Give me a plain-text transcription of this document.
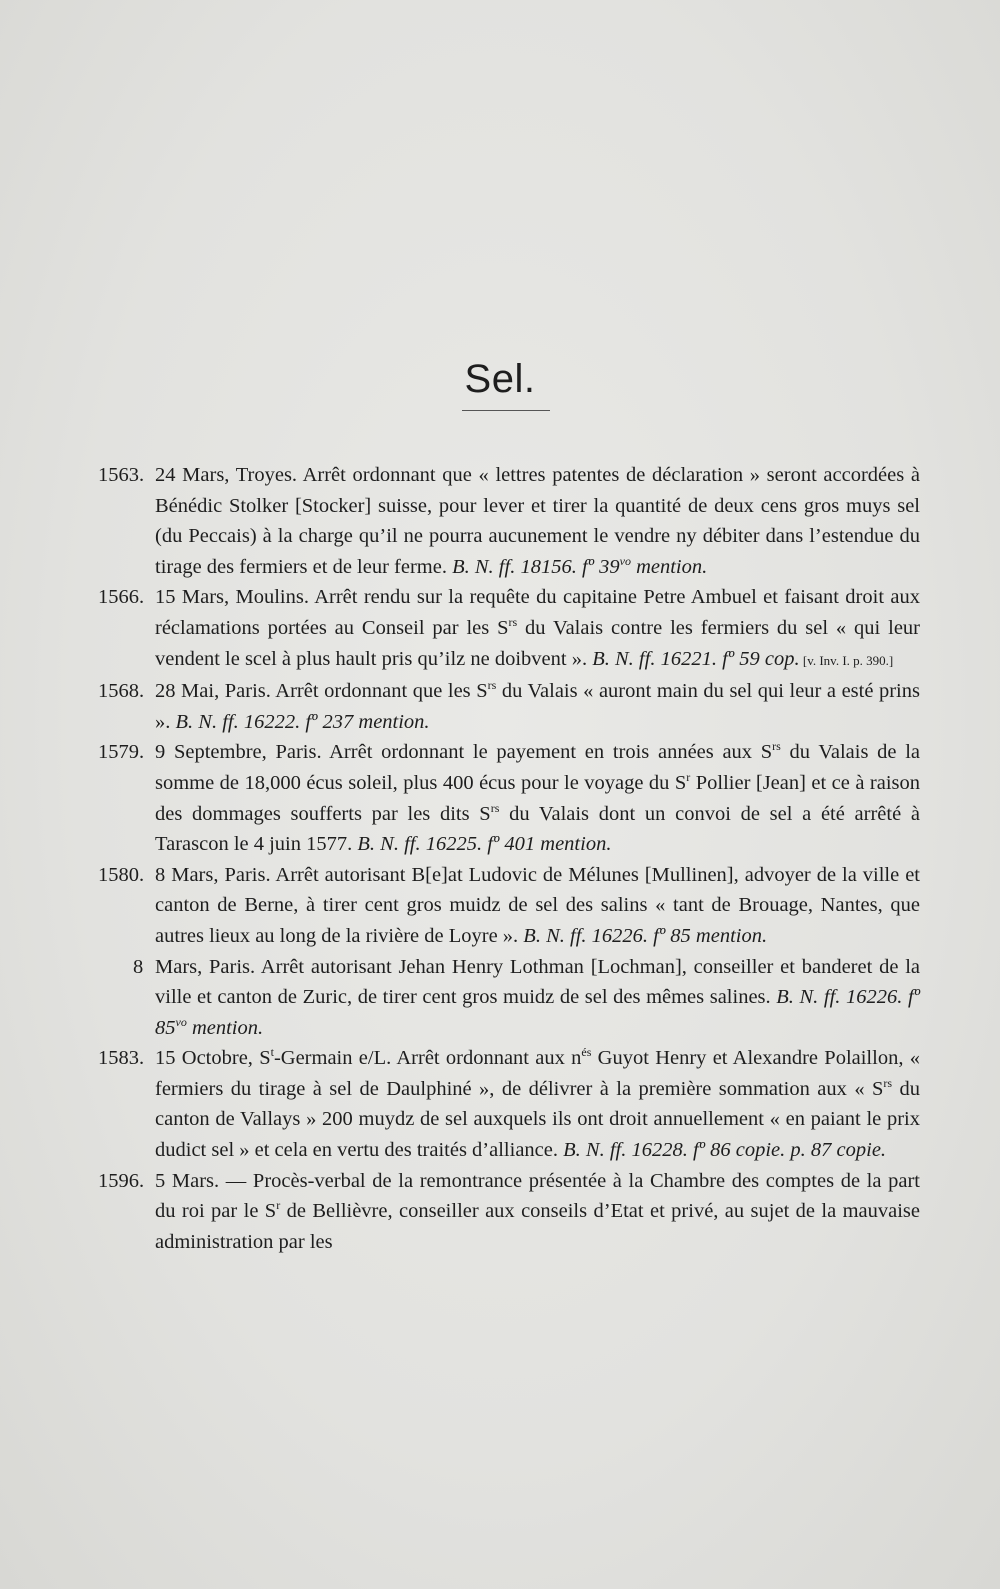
Sel.
1563. 24 Mars, Troyes. Arrêt ordonnant que « lettres patentes de déclaration » seront accordées à Bénédic Stolker [Stocker] suisse, pour lever et tirer la quantité de deux cens gros muys sel (du Peccais) à la charge qu’il ne pourra aucunement le vendre ny débiter dans l’estendue du tirage des fermiers et de leur ferme. B. N. ff. 18156. fº 39$^{vo}$ mention.
1566. 15 Mars, Moulins. Arrêt rendu sur la requête du capitaine Petre Ambuel et faisant droit aux réclamations portées au Conseil par les $S^{rs}$ du Valais contre les fermiers du sel « qui leur vendent le scel à plus hault pris qu’ilz ne doibvent ». B. N. ff. 16221. fº 59 cop. [v. Inv. I. p. 390.]
1568. 28 Mai, Paris. Arrêt ordonnant que les $S^{rs}$ du Valais « auront main du sel qui leur a esté prins ». B. N. ff. 16222. fº 237 mention.
1579. 9 Septembre, Paris. Arrêt ordonnant le payement en trois années aux $S^{rs}$ du Valais de la somme de 18,000 écus soleil, plus 400 écus pour le voyage du $S^r$ Pollier [Jean] et ce à raison des dommages soufferts par les dits $S^{rs}$ du Valais dont un convoi de sel a été arrêté à Tarascon le 4 juin 1577. B. N. ff. 16225. fº 401 mention.
1580. 8 Mars, Paris. Arrêt autorisant B[e]at Ludovic de Mélunes [Mullinen], advoyer de la ville et canton de Berne, à tirer cent gros muidz de sel des salins « tant de Brouage, Nantes, que autres lieux au long de la rivière de Loyre ». B. N. ff. 16226. fº 85 mention.
8 Mars, Paris. Arrêt autorisant Jehan Henry Lothman [Lochman], conseiller et banderet de la ville et canton de Zuric, de tirer cent gros muidz de sel des mêmes salines. B. N. ff. 16226. fº 85$^{vo}$ mention.
1583. 15 Octobre, $S^t$-Germain e/L. Arrêt ordonnant aux $n^{és}$ Guyot Henry et Alexandre Polaillon, « fermiers du tirage à sel de Daulphiné », de délivrer à la première sommation aux « $S^{rs}$ du canton de Vallays » 200 muydz de sel auxquels ils ont droit annuellement « en paiant le prix dudict sel » et cela en vertu des traités d’alliance. B. N. ff. 16228. fº 86 copie. p. 87 copie.
1596. 5 Mars. — Procès-verbal de la remontrance présentée à la Chambre des comptes de la part du roi par le $S^r$ de Bellièvre, conseiller aux conseils d’Etat et privé, au sujet de la mauvaise administration par les
